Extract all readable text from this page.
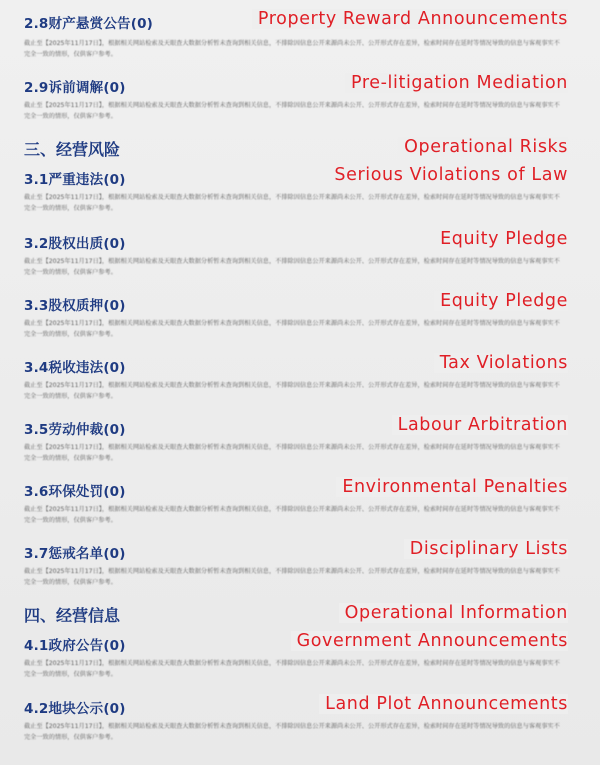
2.8财产悬赏公告(0)	Property Reward Announcements
截止至【2025年11月17日】，根据相关网站检索及天眼查大数据分析暂未查询到相关信息，不排除因信息公开来源尚未公开、公开形式存在差异，检索时间存在延时等情况导致的信息与客观事实不完全一致的情形，仅供客户参考。
2.9诉前调解(0)	Pre-litigation Mediation
截止至【2025年11月17日】，根据相关网站检索及天眼查大数据分析暂未查询到相关信息，不排除因信息公开来源尚未公开、公开形式存在差异，检索时间存在延时等情况导致的信息与客观事实不完全一致的情形，仅供客户参考。
三、经营风险	Operational Risks
3.1严重违法(0)	Serious Violations of Law
截止至【2025年11月17日】，根据相关网站检索及天眼查大数据分析暂未查询到相关信息，不排除因信息公开来源尚未公开、公开形式存在差异，检索时间存在延时等情况导致的信息与客观事实不完全一致的情形，仅供客户参考。
3.2股权出质(0)	Equity Pledge
截止至【2025年11月17日】，根据相关网站检索及天眼查大数据分析暂未查询到相关信息，不排除因信息公开来源尚未公开、公开形式存在差异，检索时间存在延时等情况导致的信息与客观事实不完全一致的情形，仅供客户参考。
3.3股权质押(0)	Equity Pledge
截止至【2025年11月17日】，根据相关网站检索及天眼查大数据分析暂未查询到相关信息，不排除因信息公开来源尚未公开、公开形式存在差异，检索时间存在延时等情况导致的信息与客观事实不完全一致的情形，仅供客户参考。
3.4税收违法(0)	Tax Violations
截止至【2025年11月17日】，根据相关网站检索及天眼查大数据分析暂未查询到相关信息，不排除因信息公开来源尚未公开、公开形式存在差异，检索时间存在延时等情况导致的信息与客观事实不完全一致的情形，仅供客户参考。
3.5劳动仲裁(0)	Labour Arbitration
截止至【2025年11月17日】，根据相关网站检索及天眼查大数据分析暂未查询到相关信息，不排除因信息公开来源尚未公开、公开形式存在差异，检索时间存在延时等情况导致的信息与客观事实不完全一致的情形，仅供客户参考。
3.6环保处罚(0)	Environmental Penalties
截止至【2025年11月17日】，根据相关网站检索及天眼查大数据分析暂未查询到相关信息，不排除因信息公开来源尚未公开、公开形式存在差异，检索时间存在延时等情况导致的信息与客观事实不完全一致的情形，仅供客户参考。
3.7惩戒名单(0)	Disciplinary Lists
截止至【2025年11月17日】，根据相关网站检索及天眼查大数据分析暂未查询到相关信息，不排除因信息公开来源尚未公开、公开形式存在差异，检索时间存在延时等情况导致的信息与客观事实不完全一致的情形，仅供客户参考。
四、经营信息	Operational Information
4.1政府公告(0)	Government Announcements
截止至【2025年11月17日】，根据相关网站检索及天眼查大数据分析暂未查询到相关信息，不排除因信息公开来源尚未公开、公开形式存在差异，检索时间存在延时等情况导致的信息与客观事实不完全一致的情形，仅供客户参考。
4.2地块公示(0)	Land Plot Announcements
截止至【2025年11月17日】，根据相关网站检索及天眼查大数据分析暂未查询到相关信息，不排除因信息公开来源尚未公开、公开形式存在差异，检索时间存在延时等情况导致的信息与客观事实不完全一致的情形，仅供客户参考。
